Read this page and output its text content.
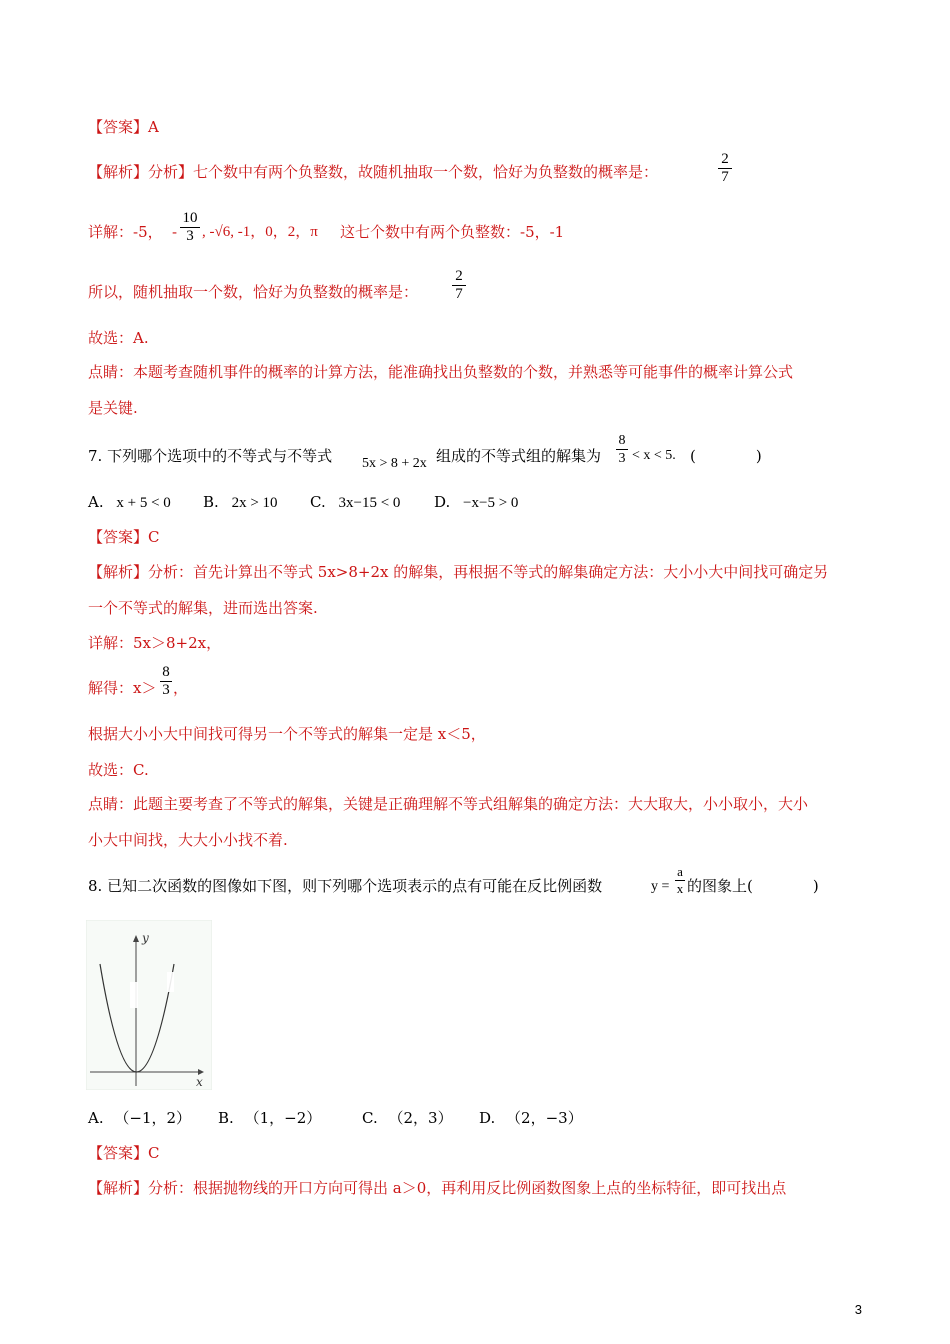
【答案】A
【解析】分析】七个数中有两个负整数，故随机抽取一个数，恰好为负整数的概率是：	$\frac{2}{7}$
详解：-5， - $\frac{10}{3}$ , -√6, -1，0，2，π 这七个数中有两个负整数：-5，-1
所以，随机抽取一个数，恰好为负整数的概率是： $\frac{2}{7}$
故选：A.
点睛：本题考查随机事件的概率的计算方法，能准确找出负整数的个数，并熟悉等可能事件的概率计算公式
是关键.
7. 下列哪个选项中的不等式与不等式 5x > 8 + 2x 组成的不等式组的解集为 $\frac{8}{3} < x < 5$. (　　　　)
A. x + 5 < 0 B. 2x > 10 C. 3x−15 < 0 D. −x−5 > 0
【答案】C
【解析】分析：首先计算出不等式 5x>8+2x 的解集，再根据不等式的解集确定方法：大小小大中间找可确定另
一个不等式的解集，进而选出答案.
详解：5x＞8+2x，
解得：$x> \frac{8}{3}$ ，
根据大小小大中间找可得另一个不等式的解集一定是 x＜5，
故选：C.
点睛：此题主要考查了不等式的解集，关键是正确理解不等式组解集的确定方法：大大取大，小小取小，大小
小大中间找，大大小小找不着.
8. 已知二次函数的图像如下图，则下列哪个选项表示的点有可能在反比例函数	$y = \frac{a}{x}$ 的图象上(　　　　)
y
x
A. （−1，2） B. （1，−2）	C. （2，3） D. （2，−3）
【答案】C
【解析】分析：根据抛物线的开口方向可得出 a＞0，再利用反比例函数图象上点的坐标特征，即可找出点
3
